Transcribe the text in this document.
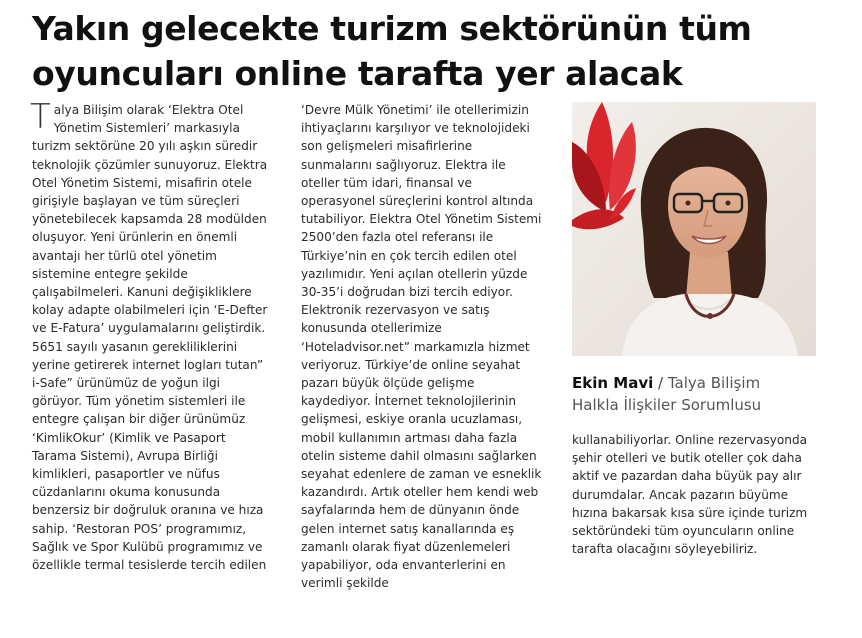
Yakın gelecekte turizm sektörünün tüm
oyuncuları online tarafta yer alacak
T alya Bilişim olarak ‘Elektra Otel Yönetim Sistemleri’ markasıyla turizm sektörüne 20 yılı aşkın süredir teknolojik çözümler sunuyoruz. Elektra Otel Yönetim Sistemi, misafirin otele girişiyle başlayan ve tüm süreçleri yönetebilecek kapsamda 28 modülden oluşuyor. Yeni ürünlerin en önemli avantajı her türlü otel yönetim sistemine entegre şekilde çalışabilmeleri. Kanuni değişikliklere kolay adapte olabilmeleri için ‘E-Defter ve E-Fatura’ uygulamalarını geliştirdik. 5651 sayılı yasanın gerekliliklerini yerine getirerek internet logları tutan” i-Safe” ürünümüz de yoğun ilgi görüyor. Tüm yönetim sistemleri ile entegre çalışan bir diğer ürünümüz ‘KimlikOkur’ (Kimlik ve Pasaport Tarama Sistemi), Avrupa Birliği kimlikleri, pasaportler ve nüfus cüzdanlarını okuma konusunda benzersiz bir doğruluk oranına ve hıza sahip. ‘Restoran POS’ programımız, Sağlık ve Spor Kulübü programımız ve özellikle termal tesislerde tercih edilen
‘Devre Mülk Yönetimi’ ile otellerimizin ihtiyaçlarını karşılıyor ve teknolojideki son gelişmeleri misafirlerine sunmalarını sağlıyoruz. Elektra ile oteller tüm idari, finansal ve operasyonel süreçlerini kontrol altında tutabiliyor. Elektra Otel Yönetim Sistemi 2500’den fazla otel referansı ile Türkiye’nin en çok tercih edilen otel yazılımıdır. Yeni açılan otellerin yüzde 30-35’i doğrudan bizi tercih ediyor. Elektronik rezervasyon ve satış konusunda otellerimize ‘Hoteladvisor.net” markamızla hizmet veriyoruz. Türkiye’de online seyahat pazarı büyük ölçüde gelişme kaydediyor. İnternet teknolojilerinin gelişmesi, eskiye oranla ucuzlaması, mobil kullanımın artması daha fazla otelin sisteme dahil olmasını sağlarken seyahat edenlere de zaman ve esneklik kazandırdı. Artık oteller hem kendi web sayfalarında hem de dünyanın önde gelen internet satış kanallarında eş zamanlı olarak fiyat düzenlemeleri yapabiliyor, oda envanterlerini en verimli şekilde
Ekin Mavi / Talya Bilişim
Halkla İlişkiler Sorumlusu
kullanabiliyorlar. Online rezervasyonda şehir otelleri ve butik oteller çok daha aktif ve pazardan daha büyük pay alır durumdalar. Ancak pazarın büyüme hızına bakarsak kısa süre içinde turizm sektöründeki tüm oyuncuların online tarafta olacağını söyleyebiliriz.
